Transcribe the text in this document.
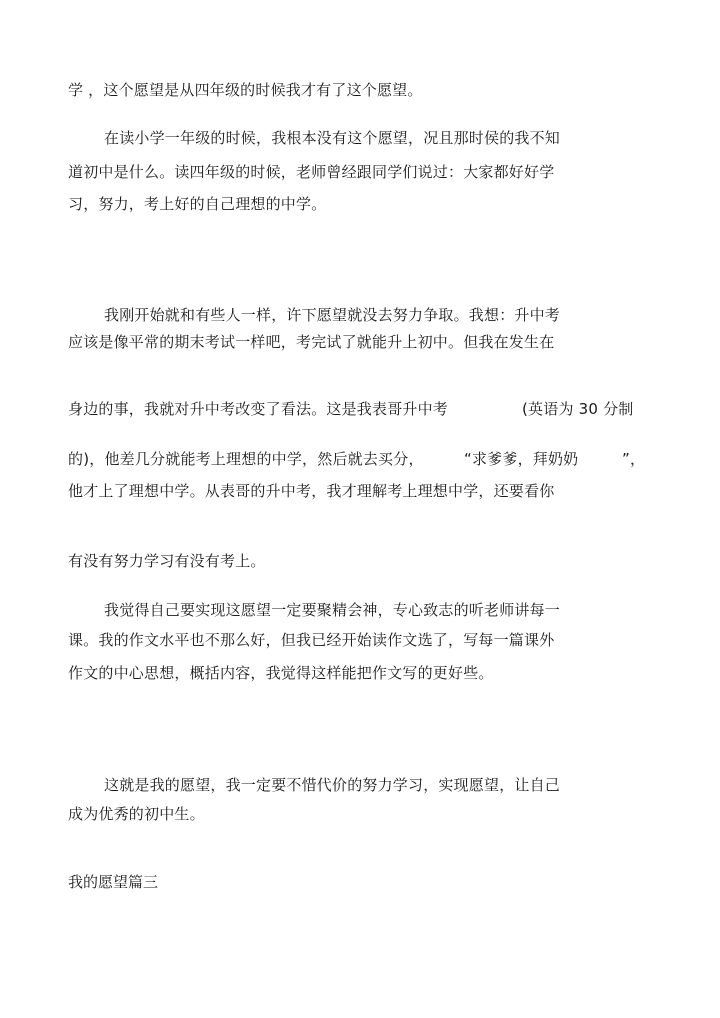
学 ，这个愿望是从四年级的时候我才有了这个愿望。

在读小学一年级的时候，我根本没有这个愿望，况且那时侯的我不知

道初中是什么。读四年级的时候，老师曾经跟同学们说过：大家都好好学

习，努力，考上好的自己理想的中学。

我刚开始就和有些人一样，许下愿望就没去努力争取。我想：升中考

应该是像平常的期末考试一样吧，考完试了就能升上初中。但我在发生在

身边的事，我就对升中考改变了看法。这是我表哥升中考	(英语为 30 分制

的)，他差几分就能考上理想的中学，然后就去买分，	“求爹爹，拜奶奶	”，

他才上了理想中学。从表哥的升中考，我才理解考上理想中学，还要看你

有没有努力学习有没有考上。

我觉得自己要实现这愿望一定要聚精会神，专心致志的听老师讲每一

课。我的作文水平也不那么好，但我已经开始读作文选了，写每一篇课外

作文的中心思想，概括内容，我觉得这样能把作文写的更好些。

这就是我的愿望，我一定要不惜代价的努力学习，实现愿望，让自己

成为优秀的初中生。

我的愿望篇三
